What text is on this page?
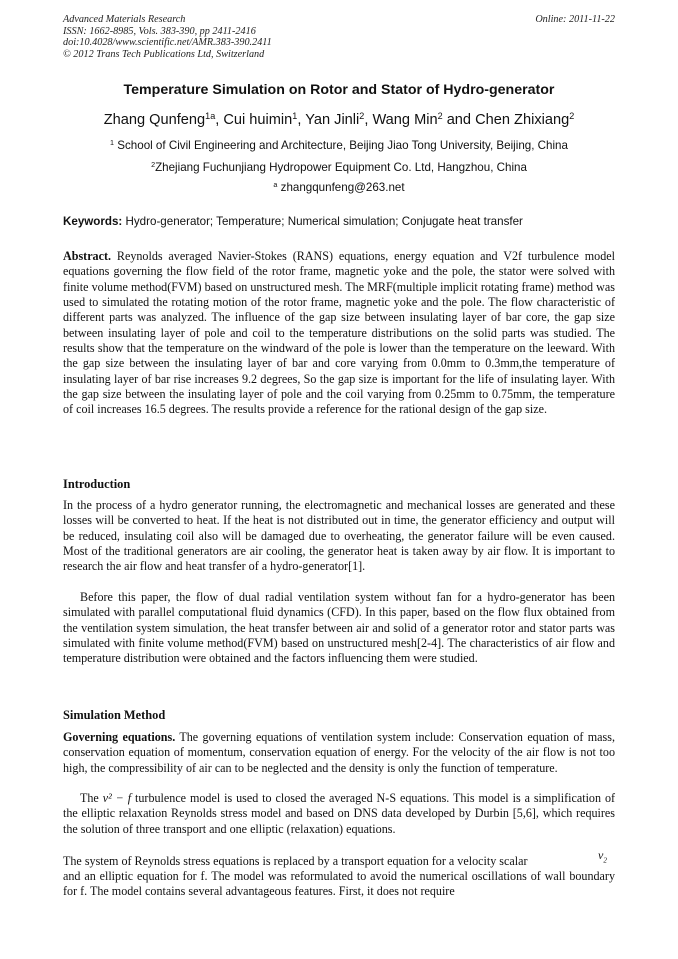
Advanced Materials Research
ISSN: 1662-8985, Vols. 383-390, pp 2411-2416
doi:10.4028/www.scientific.net/AMR.383-390.2411
© 2012 Trans Tech Publications Ltd, Switzerland
Online: 2011-11-22
Temperature Simulation on Rotor and Stator of Hydro-generator
Zhang Qunfeng$^{1a}$, Cui huimin$^1$, Yan Jinli$^2$, Wang Min$^2$ and Chen Zhixiang$^2$
$^1$ School of Civil Engineering and Architecture, Beijing Jiao Tong University, Beijing, China
$^2$Zhejiang Fuchunjiang Hydropower Equipment Co. Ltd, Hangzhou, China
$^a$ zhangqunfeng@263.net
Keywords: Hydro-generator; Temperature; Numerical simulation; Conjugate heat transfer

Abstract. Reynolds averaged Navier-Stokes (RANS) equations, energy equation and V2f turbulence model equations governing the flow field of the rotor frame, magnetic yoke and the pole, the stator were solved with finite volume method(FVM) based on unstructured mesh. The MRF(multiple implicit rotating frame) method was used to simulated the rotating motion of the rotor frame, magnetic yoke and the pole. The flow characteristic of different parts was analyzed. The influence of the gap size between insulating layer of bar core, the gap size between insulating layer of pole and coil to the temperature distributions on the solid parts was studied. The results show that the temperature on the windward of the pole is lower than the temperature on the leeward. With the gap size between the insulating layer of bar and core varying from 0.0mm to 0.3mm,the temperature of insulating layer of bar rise increases 9.2 degrees, So the gap size is important for the life of insulating layer. With the gap size between the insulating layer of pole and the coil varying from 0.25mm to 0.75mm, the temperature of coil increases 16.5 degrees. The results provide a reference for the rational design of the gap size.

Introduction

In the process of a hydro generator running, the electromagnetic and mechanical losses are generated and these losses will be converted to heat. If the heat is not distributed out in time, the generator efficiency and output will be reduced, insulating coil also will be damaged due to overheating, the generator failure will be even caused. Most of the traditional generators are air cooling, the generator heat is taken away by air flow. It is important to research the air flow and heat transfer of a hydro-generator[1].

Before this paper, the flow of dual radial ventilation system without fan for a hydro-generator has been simulated with parallel computational fluid dynamics (CFD). In this paper, based on the flow flux obtained from the ventilation system simulation, the heat transfer between air and solid of a generator rotor and stator parts was simulated with finite volume method(FVM) based on unstructured mesh[2-4]. The characteristics of air flow and temperature distribution were obtained and the factors influencing them were studied.

Simulation Method

Governing equations. The governing equations of ventilation system include: Conservation equation of mass, conservation equation of momentum, conservation equation of energy. For the velocity of the air flow is not too high, the compressibility of air can to be neglected and the density is only the function of temperature.

The v² − f turbulence model is used to closed the averaged N-S equations. This model is a simplification of the elliptic relaxation Reynolds stress model and based on DNS data developed by Durbin [5,6], which requires the solution of three transport and one elliptic (relaxation) equations.

The system of Reynolds stress equations is replaced by a transport equation for a velocity scalar	$v_2$

and an elliptic equation for f. The model was reformulated to avoid the numerical oscillations of wall boundary for f. The model contains several advantageous features. First, it does not require
